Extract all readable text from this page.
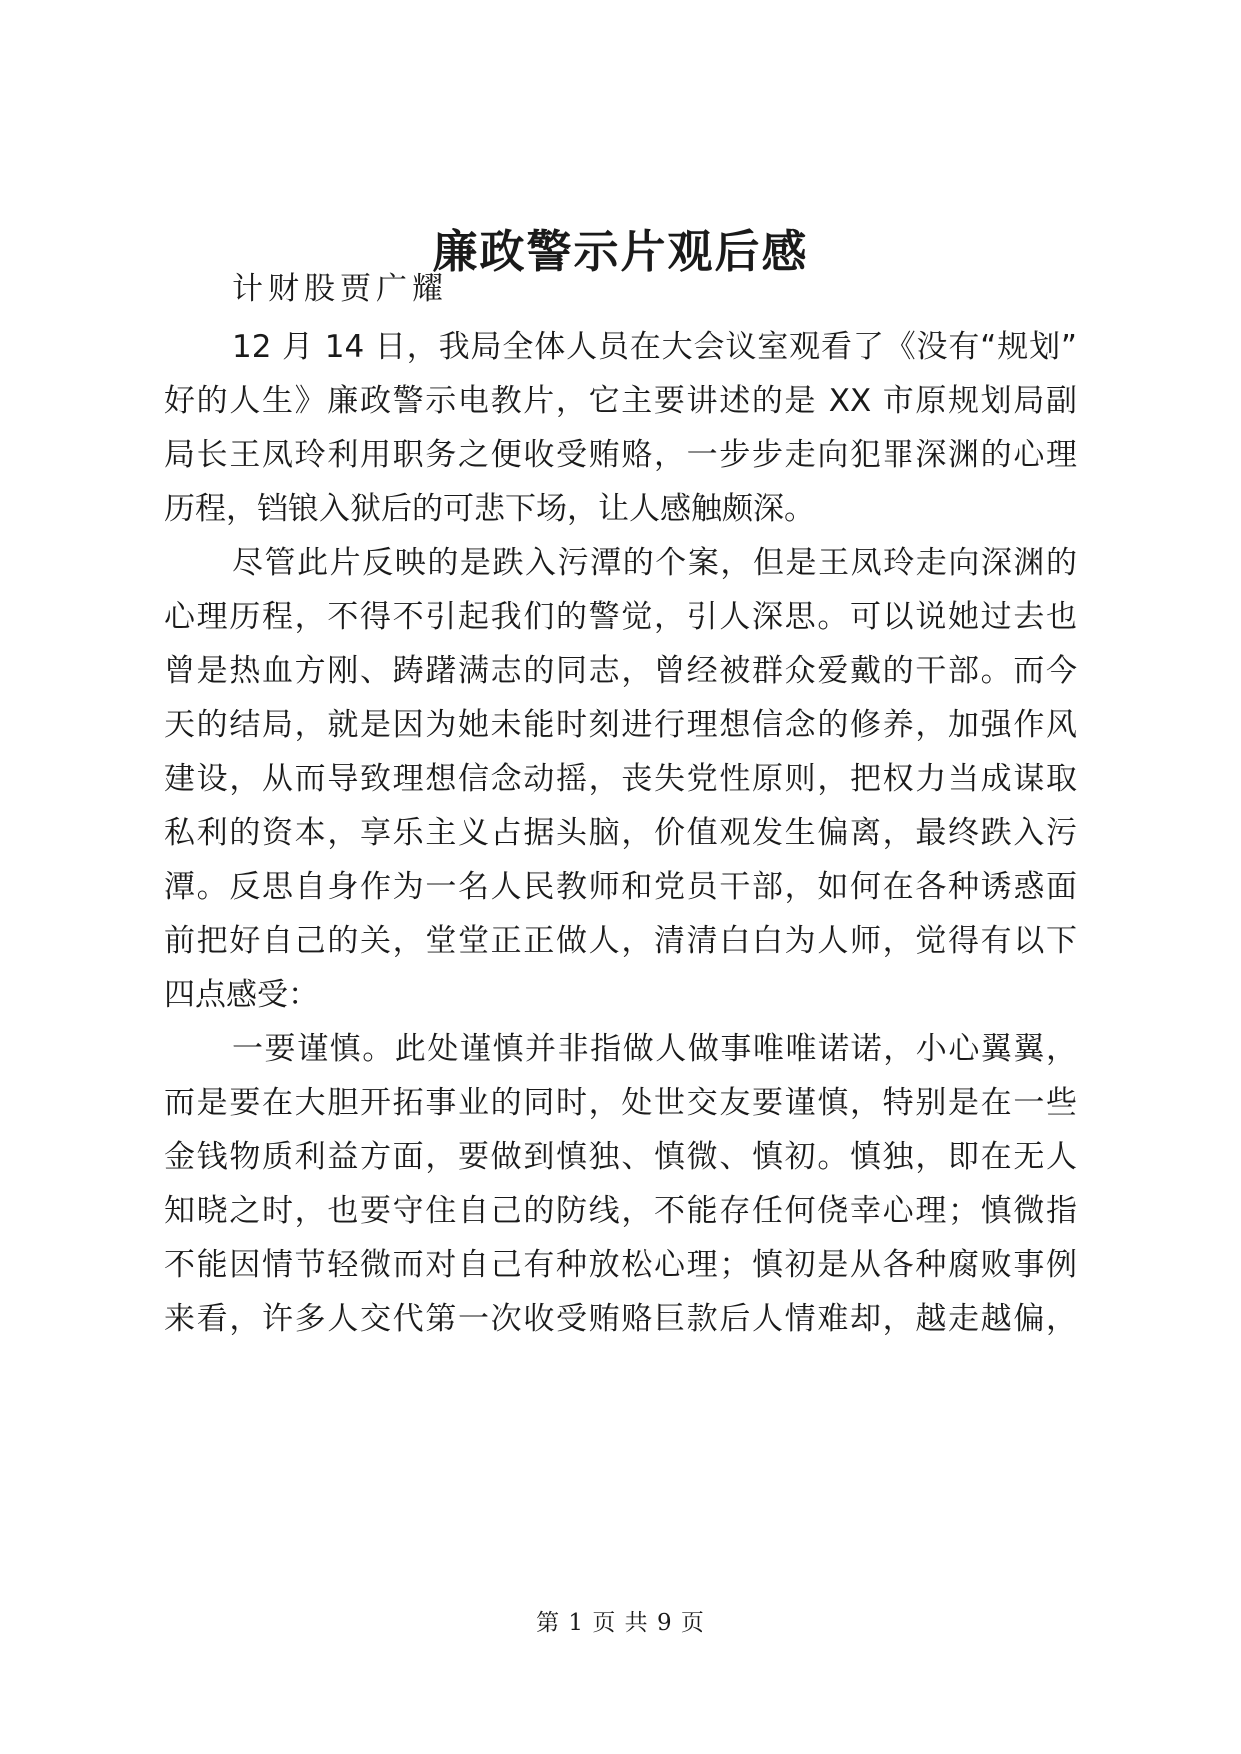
廉政警示片观后感
计财股贾广耀
12 月 14 日，我局全体人员在大会议室观看了《没有“规划”
好的人生》廉政警示电教片，它主要讲述的是 XX 市原规划局副
局长王凤玲利用职务之便收受贿赂，一步步走向犯罪深渊的心理
历程，铛锒入狱后的可悲下场，让人感触颇深。
尽管此片反映的是跌入污潭的个案，但是王凤玲走向深渊的
心理历程，不得不引起我们的警觉，引人深思。可以说她过去也
曾是热血方刚、踌躇满志的同志，曾经被群众爱戴的干部。而今
天的结局，就是因为她未能时刻进行理想信念的修养，加强作风
建设，从而导致理想信念动摇，丧失党性原则，把权力当成谋取
私利的资本，享乐主义占据头脑，价值观发生偏离，最终跌入污
潭。反思自身作为一名人民教师和党员干部，如何在各种诱惑面
前把好自己的关，堂堂正正做人，清清白白为人师，觉得有以下
四点感受：
一要谨慎。此处谨慎并非指做人做事唯唯诺诺，小心翼翼，
而是要在大胆开拓事业的同时，处世交友要谨慎，特别是在一些
金钱物质利益方面，要做到慎独、慎微、慎初。慎独，即在无人
知晓之时，也要守住自己的防线，不能存任何侥幸心理；慎微指
不能因情节轻微而对自己有种放松心理；慎初是从各种腐败事例
来看，许多人交代第一次收受贿赂巨款后人情难却，越走越偏，
第 1 页 共 9 页
